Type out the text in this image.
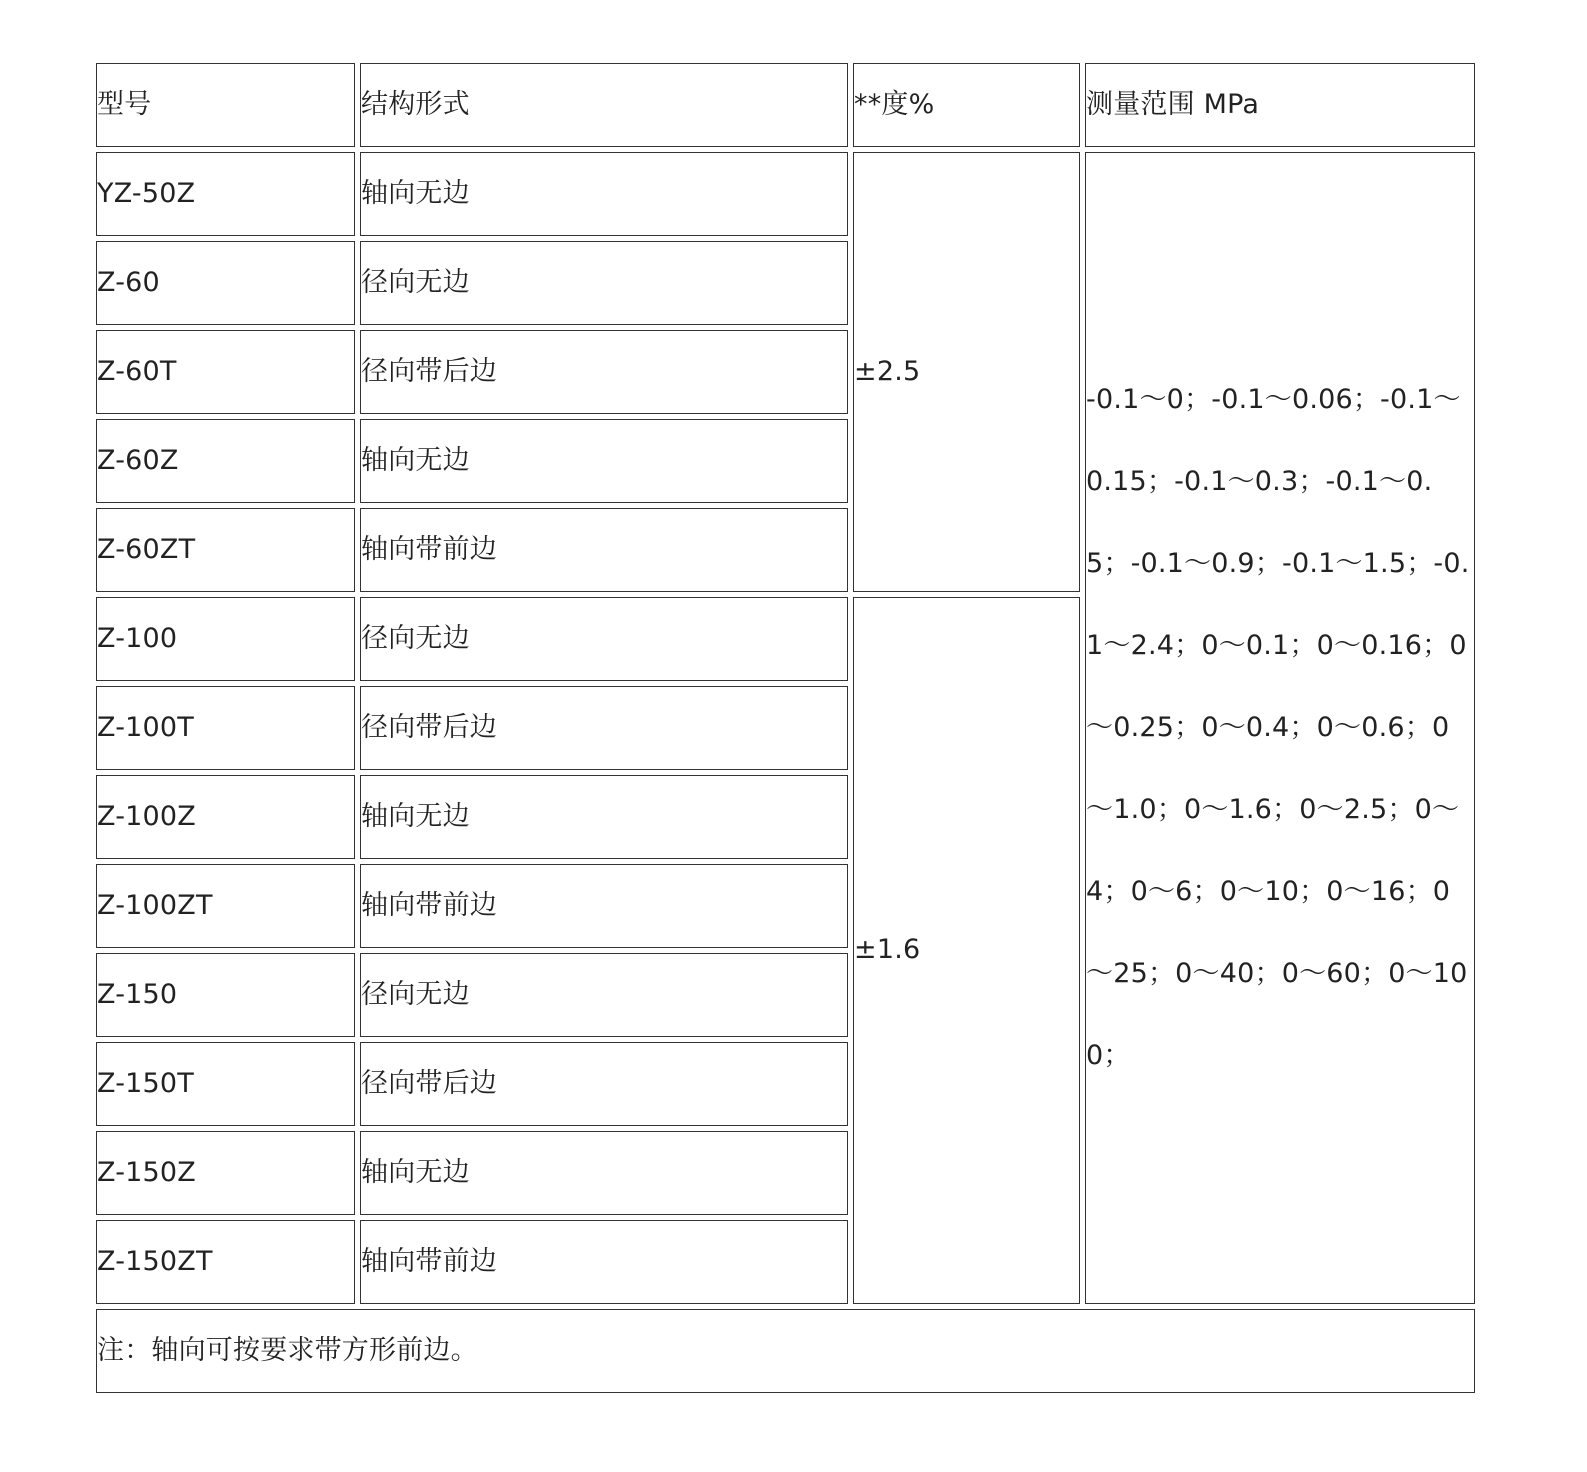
型号	结构形式	**度%	测量范围 MPa
YZ-50Z	轴向无边	±2.5	-0.1～0；-0.1～0.06；-0.1～0.15；-0.1～0.3；-0.1～0.5；-0.1～0.9；-0.1～1.5；-0.1～2.4；0～0.1；0～0.16；0～0.25；0～0.4；0～0.6；0～1.0；0～1.6；0～2.5；0～4；0～6；0～10；0～16；0～25；0～40；0～60；0～100；

Z-60	径向无边		
Z-60T	径向带后边		
Z-60Z	轴向无边		
Z-60ZT	轴向带前边		
Z-100	径向无边	±1.6	
Z-100T	径向带后边		
Z-100Z	轴向无边		
Z-100ZT	轴向带前边		
Z-150	径向无边		
Z-150T	径向带后边		
Z-150Z	轴向无边		
Z-150ZT	轴向带前边		
注：轴向可按要求带方形前边。			
